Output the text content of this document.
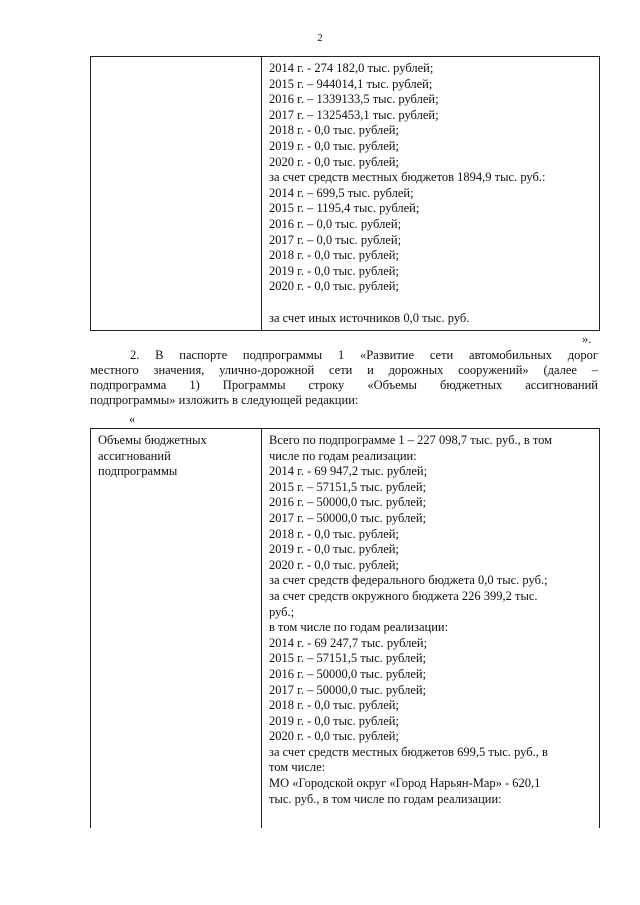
2
2014 г. - 274 182,0 тыс. рублей;
2015 г. – 944014,1 тыс. рублей;
2016 г. – 1339133,5 тыс. рублей;
2017 г. – 1325453,1 тыс. рублей;
2018 г. - 0,0 тыс. рублей;
2019 г. - 0,0 тыс. рублей;
2020 г. - 0,0 тыс. рублей;
за счет средств местных бюджетов 1894,9 тыс. руб.:
2014 г. – 699,5 тыс. рублей;
2015 г. – 1195,4 тыс. рублей;
2016 г. – 0,0 тыс. рублей;
2017 г. – 0,0 тыс. рублей;
2018 г. - 0,0 тыс. рублей;
2019 г. - 0,0 тыс. рублей;
2020 г. - 0,0 тыс. рублей;
за счет иных источников 0,0 тыс. руб.
».
2. В паспорте подпрограммы 1 «Развитие сети автомобильных дорог
местного значения, улично-дорожной сети и дорожных сооружений» (далее –
подпрограмма 1) Программы строку «Объемы бюджетных ассигнований
подпрограммы» изложить в следующей редакции:
«
Объемы бюджетных
ассигнований
подпрограммы
Всего по подпрограмме 1 – 227 098,7 тыс. руб., в том
числе по годам реализации:
2014 г. - 69 947,2 тыс. рублей;
2015 г. – 57151,5 тыс. рублей;
2016 г. – 50000,0 тыс. рублей;
2017 г. – 50000,0 тыс. рублей;
2018 г. - 0,0 тыс. рублей;
2019 г. - 0,0 тыс. рублей;
2020 г. - 0,0 тыс. рублей;
за счет средств федерального бюджета 0,0 тыс. руб.;
за счет средств окружного бюджета 226 399,2 тыс.
руб.;
в том числе по годам реализации:
2014 г. - 69 247,7 тыс. рублей;
2015 г. – 57151,5 тыс. рублей;
2016 г. – 50000,0 тыс. рублей;
2017 г. – 50000,0 тыс. рублей;
2018 г. - 0,0 тыс. рублей;
2019 г. - 0,0 тыс. рублей;
2020 г. - 0,0 тыс. рублей;
за счет средств местных бюджетов 699,5 тыс. руб., в
том числе:
МО «Городской округ «Город Нарьян-Мар» - 620,1
тыс. руб., в том числе по годам реализации:
